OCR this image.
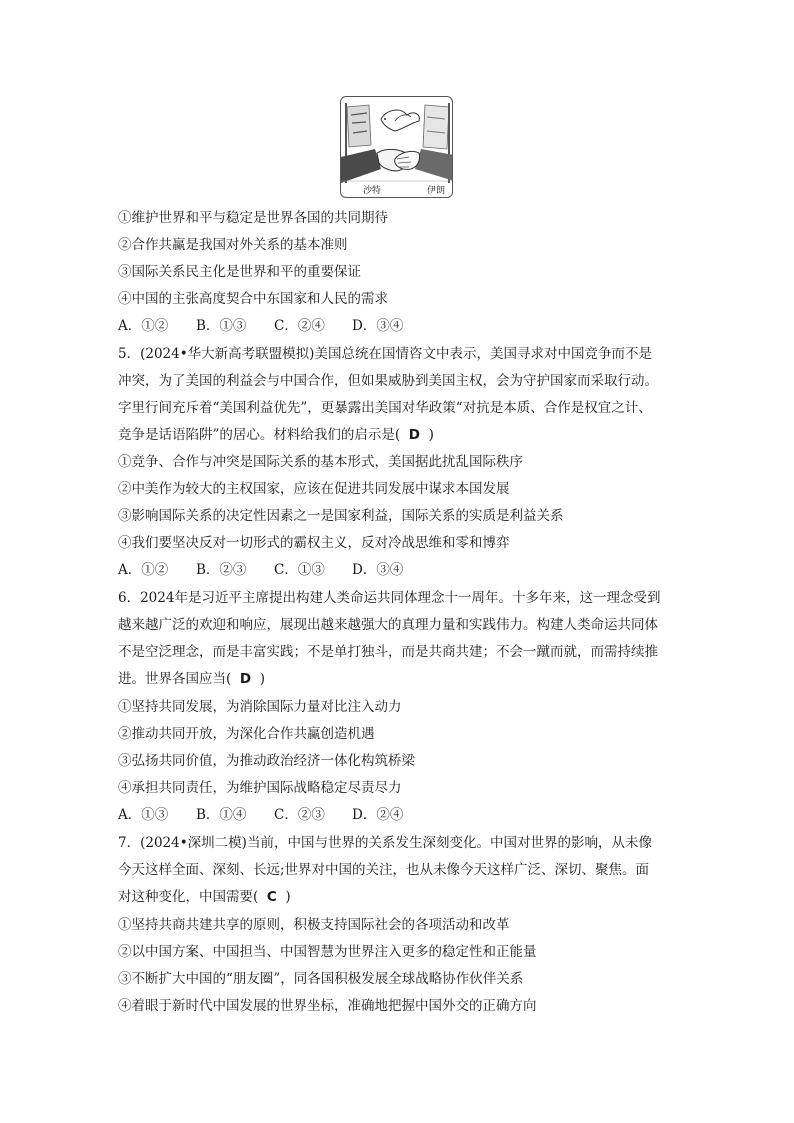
沙特	伊朗
①维护世界和平与稳定是世界各国的共同期待
②合作共赢是我国对外关系的基本准则
③国际关系民主化是世界和平的重要保证
④中国的主张高度契合中东国家和人民的需求
A．①② B．①③ C．②④ D．③④
5．(2024•华大新高考联盟模拟)美国总统在国情咨文中表示，美国寻求对中国竞争而不是
冲突，为了美国的利益会与中国合作，但如果威胁到美国主权，会为守护国家而采取行动。
字里行间充斥着“美国利益优先”，更暴露出美国对华政策“对抗是本质、合作是权宜之计、
竞争是话语陷阱”的居心。材料给我们的启示是( D )
①竞争、合作与冲突是国际关系的基本形式，美国据此扰乱国际秩序
②中美作为较大的主权国家，应该在促进共同发展中谋求本国发展
③影响国际关系的决定性因素之一是国家利益，国际关系的实质是利益关系
④我们要坚决反对一切形式的霸权主义，反对冷战思维和零和博弈
A．①② B．②③ C．①③ D．③④
6．2024年是习近平主席提出构建人类命运共同体理念十一周年。十多年来，这一理念受到
越来越广泛的欢迎和响应，展现出越来越强大的真理力量和实践伟力。构建人类命运共同体
不是空泛理念，而是丰富实践；不是单打独斗，而是共商共建；不会一蹴而就，而需持续推
进。世界各国应当( D )
①坚持共同发展，为消除国际力量对比注入动力
②推动共同开放，为深化合作共赢创造机遇
③弘扬共同价值，为推动政治经济一体化构筑桥梁
④承担共同责任，为维护国际战略稳定尽责尽力
A．①③ B．①④ C．②③ D．②④
7．(2024•深圳二模)当前，中国与世界的关系发生深刻变化。中国对世界的影响，从未像
今天这样全面、深刻、长远;世界对中国的关注，也从未像今天这样广泛、深切、聚焦。面
对这种变化，中国需要( C )
①坚持共商共建共享的原则，积极支持国际社会的各项活动和改革
②以中国方案、中国担当、中国智慧为世界注入更多的稳定性和正能量
③不断扩大中国的“朋友圈”，同各国积极发展全球战略协作伙伴关系
④着眼于新时代中国发展的世界坐标，准确地把握中国外交的正确方向
